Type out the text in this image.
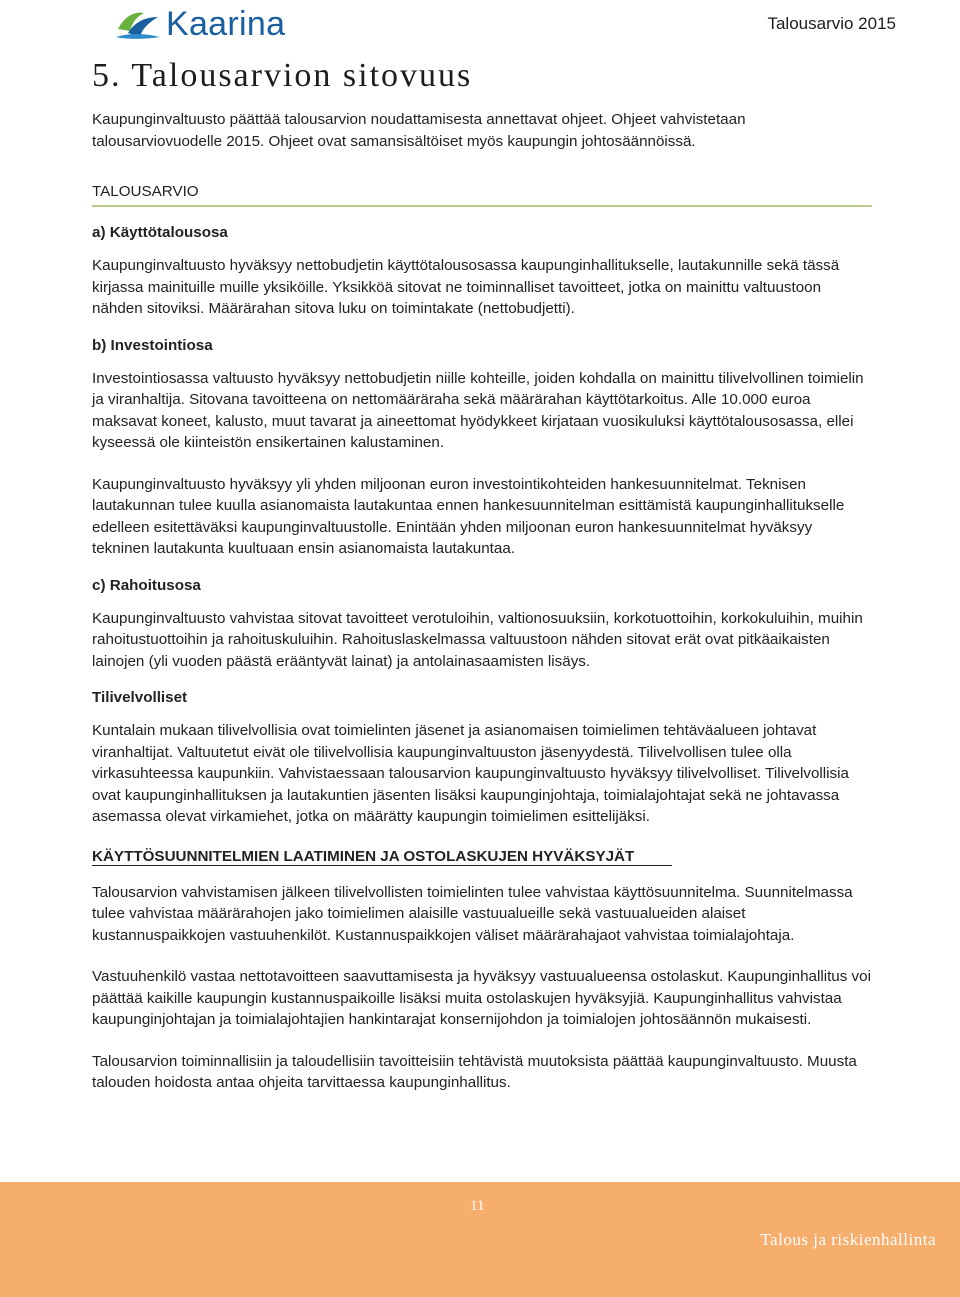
Kaarina	Talousarvio 2015
5. Talousarvion sitovuus

Kaupunginvaltuusto päättää talousarvion noudattamisesta annettavat ohjeet. Ohjeet vahvistetaan talousarviovuodelle 2015. Ohjeet ovat samansisältöiset myös kaupungin johtosäännöissä.

TALOUSARVIO
a) Käyttötalousosa

Kaupunginvaltuusto hyväksyy nettobudjetin käyttötalousosassa kaupunginhallitukselle, lautakunnille sekä tässä kirjassa mainituille muille yksiköille. Yksikköä sitovat ne toiminnalliset tavoitteet, jotka on mainittu valtuustoon nähden sitoviksi. Määrärahan sitova luku on toimintakate (nettobudjetti).

b) Investointiosa

Investointiosassa valtuusto hyväksyy nettobudjetin niille kohteille, joiden kohdalla on mainittu tilivelvollinen toimielin ja viranhaltija. Sitovana tavoitteena on nettomääräraha sekä määrärahan käyttötarkoitus. Alle 10.000 euroa maksavat koneet, kalusto, muut tavarat ja aineettomat hyödykkeet kirjataan vuosikuluksi käyttötalousosassa, ellei kyseessä ole kiinteistön ensikertainen kalustaminen.

Kaupunginvaltuusto hyväksyy yli yhden miljoonan euron investointikohteiden hankesuunnitelmat. Teknisen lautakunnan tulee kuulla asianomaista lautakuntaa ennen hankesuunnitelman esittämistä kaupunginhallitukselle edelleen esitettäväksi kaupunginvaltuustolle. Enintään yhden miljoonan euron hankesuunnitelmat hyväksyy tekninen lautakunta kuultuaan ensin asianomaista lautakuntaa.

c) Rahoitusosa

Kaupunginvaltuusto vahvistaa sitovat tavoitteet verotuloihin, valtionosuuksiin, korkotuottoihin, korkokuluihin, muihin rahoitustuottoihin ja rahoituskuluihin. Rahoituslaskelmassa valtuustoon nähden sitovat erät ovat pitkäaikaisten lainojen (yli vuoden päästä erääntyvät lainat) ja antolainasaamisten lisäys.

Tilivelvolliset

Kuntalain mukaan tilivelvollisia ovat toimielinten jäsenet ja asianomaisen toimielimen tehtäväalueen johtavat viranhaltijat. Valtuutetut eivät ole tilivelvollisia kaupunginvaltuuston jäsenyydestä. Tilivelvollisen tulee olla virkasuhteessa kaupunkiin. Vahvistaessaan talousarvion kaupunginvaltuusto hyväksyy tilivelvolliset. Tilivelvollisia ovat kaupunginhallituksen ja lautakuntien jäsenten lisäksi kaupunginjohtaja, toimialajohtajat sekä ne johtavassa asemassa olevat virkamiehet, jotka on määrätty kaupungin toimielimen esittelijäksi.

KÄYTTÖSUUNNITELMIEN LAATIMINEN JA OSTOLASKUJEN HYVÄKSYJÄT

Talousarvion vahvistamisen jälkeen tilivelvollisten toimielinten tulee vahvistaa käyttösuunnitelma. Suunnitelmassa tulee vahvistaa määrärahojen jako toimielimen alaisille vastuualueille sekä vastuualueiden alaiset kustannuspaikkojen vastuuhenkilöt. Kustannuspaikkojen väliset määrärahajaot vahvistaa toimialajohtaja.

Vastuuhenkilö vastaa nettotavoitteen saavuttamisesta ja hyväksyy vastuualueensa ostolaskut. Kaupunginhallitus voi päättää kaikille kaupungin kustannuspaikoille lisäksi muita ostolaskujen hyväksyjiä. Kaupunginhallitus vahvistaa kaupunginjohtajan ja toimialajohtajien hankintarajat konsernijohdon ja toimialojen johtosäännön mukaisesti.

Talousarvion toiminnallisiin ja taloudellisiin tavoitteisiin tehtävistä muutoksista päättää kaupunginvaltuusto. Muusta talouden hoidosta antaa ohjeita tarvittaessa kaupunginhallitus.

11
Talous ja riskienhallinta
